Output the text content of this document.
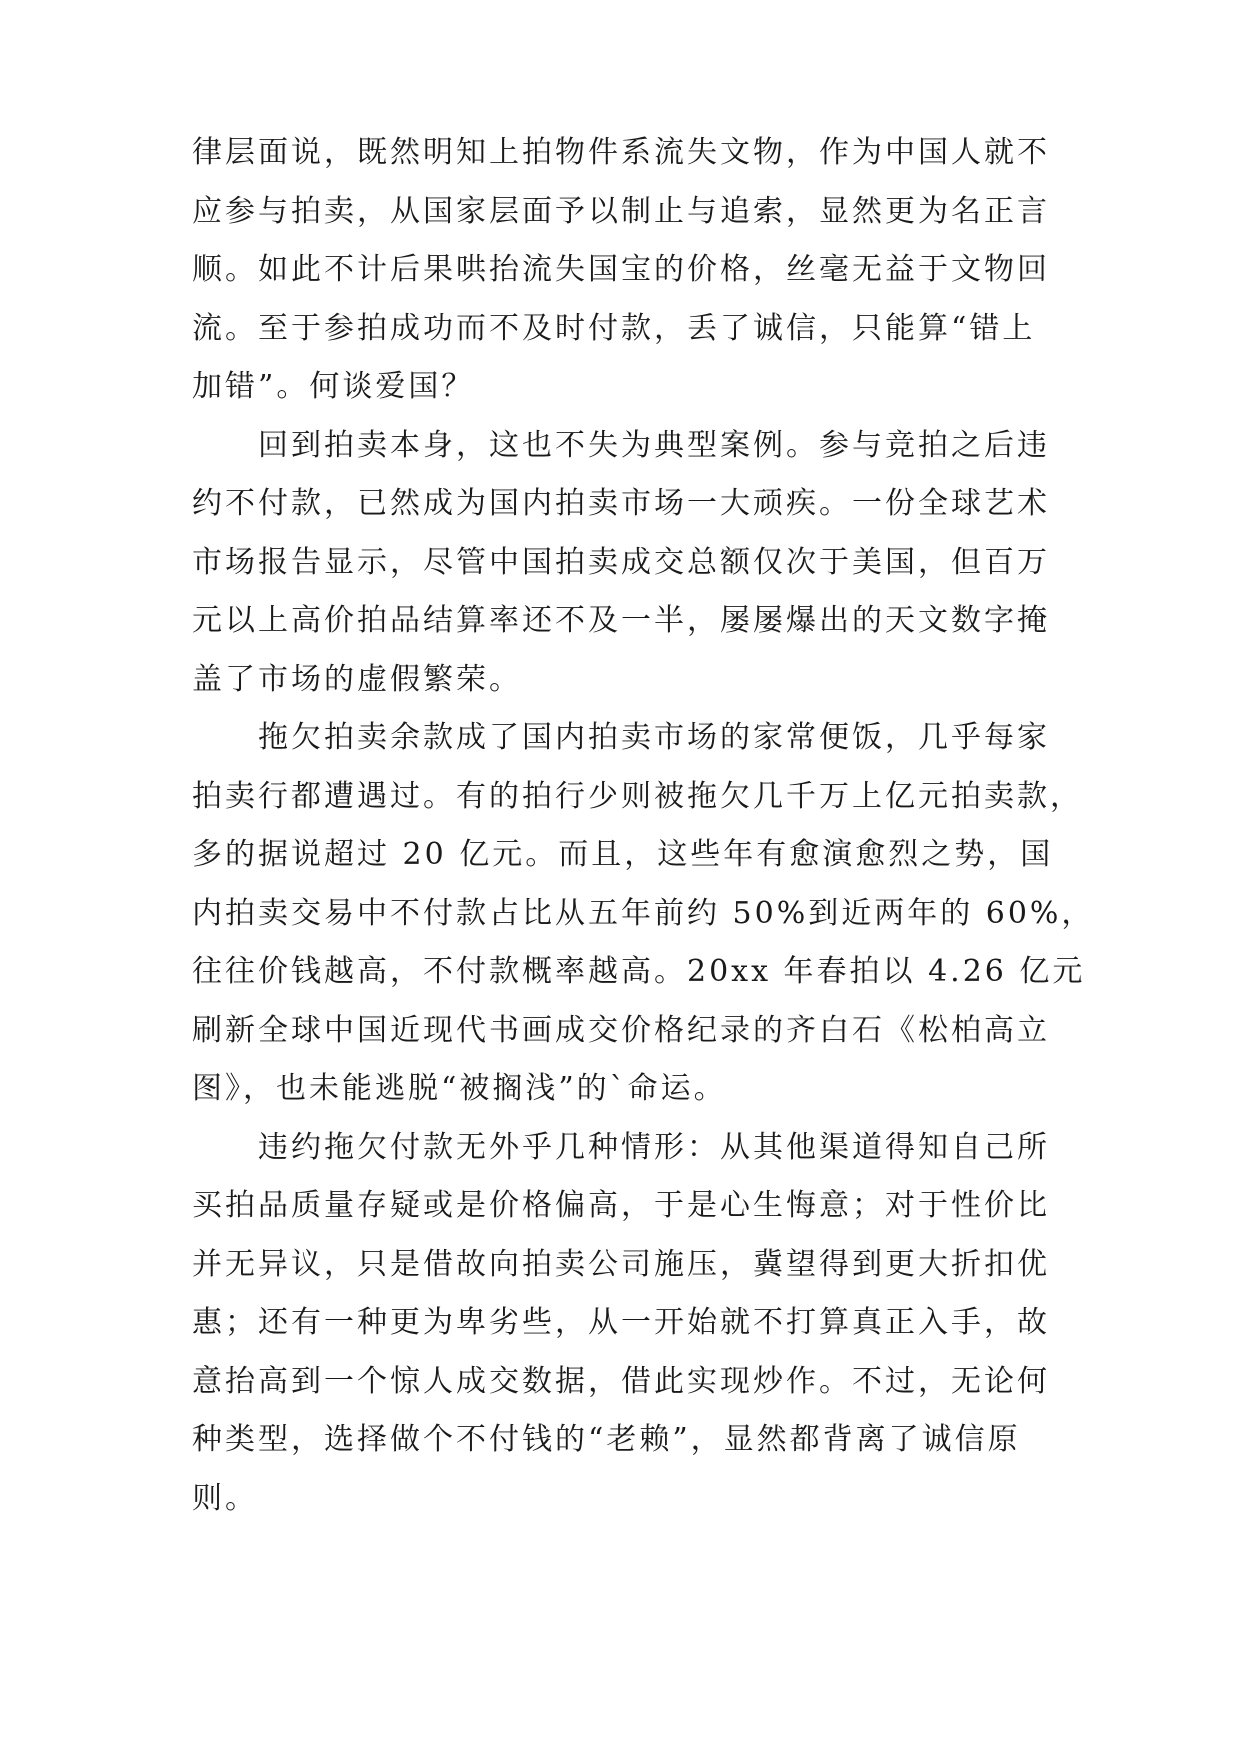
律层面说，既然明知上拍物件系流失文物，作为中国人就不
应参与拍卖，从国家层面予以制止与追索，显然更为名正言
顺。如此不计后果哄抬流失国宝的价格，丝毫无益于文物回
流。至于参拍成功而不及时付款，丢了诚信，只能算“错上
加错”。何谈爱国？
回到拍卖本身，这也不失为典型案例。参与竞拍之后违
约不付款，已然成为国内拍卖市场一大顽疾。一份全球艺术
市场报告显示，尽管中国拍卖成交总额仅次于美国，但百万
元以上高价拍品结算率还不及一半，屡屡爆出的天文数字掩
盖了市场的虚假繁荣。
拖欠拍卖余款成了国内拍卖市场的家常便饭，几乎每家
拍卖行都遭遇过。有的拍行少则被拖欠几千万上亿元拍卖款，
多的据说超过 20 亿元。而且，这些年有愈演愈烈之势，国
内拍卖交易中不付款占比从五年前约 50%到近两年的 60%，
往往价钱越高，不付款概率越高。20xx 年春拍以 4.26 亿元
刷新全球中国近现代书画成交价格纪录的齐白石《松柏高立
图》，也未能逃脱“被搁浅”的`命运。
违约拖欠付款无外乎几种情形：从其他渠道得知自己所
买拍品质量存疑或是价格偏高，于是心生悔意；对于性价比
并无异议，只是借故向拍卖公司施压，冀望得到更大折扣优
惠；还有一种更为卑劣些，从一开始就不打算真正入手，故
意抬高到一个惊人成交数据，借此实现炒作。不过，无论何
种类型，选择做个不付钱的“老赖”，显然都背离了诚信原
则。
